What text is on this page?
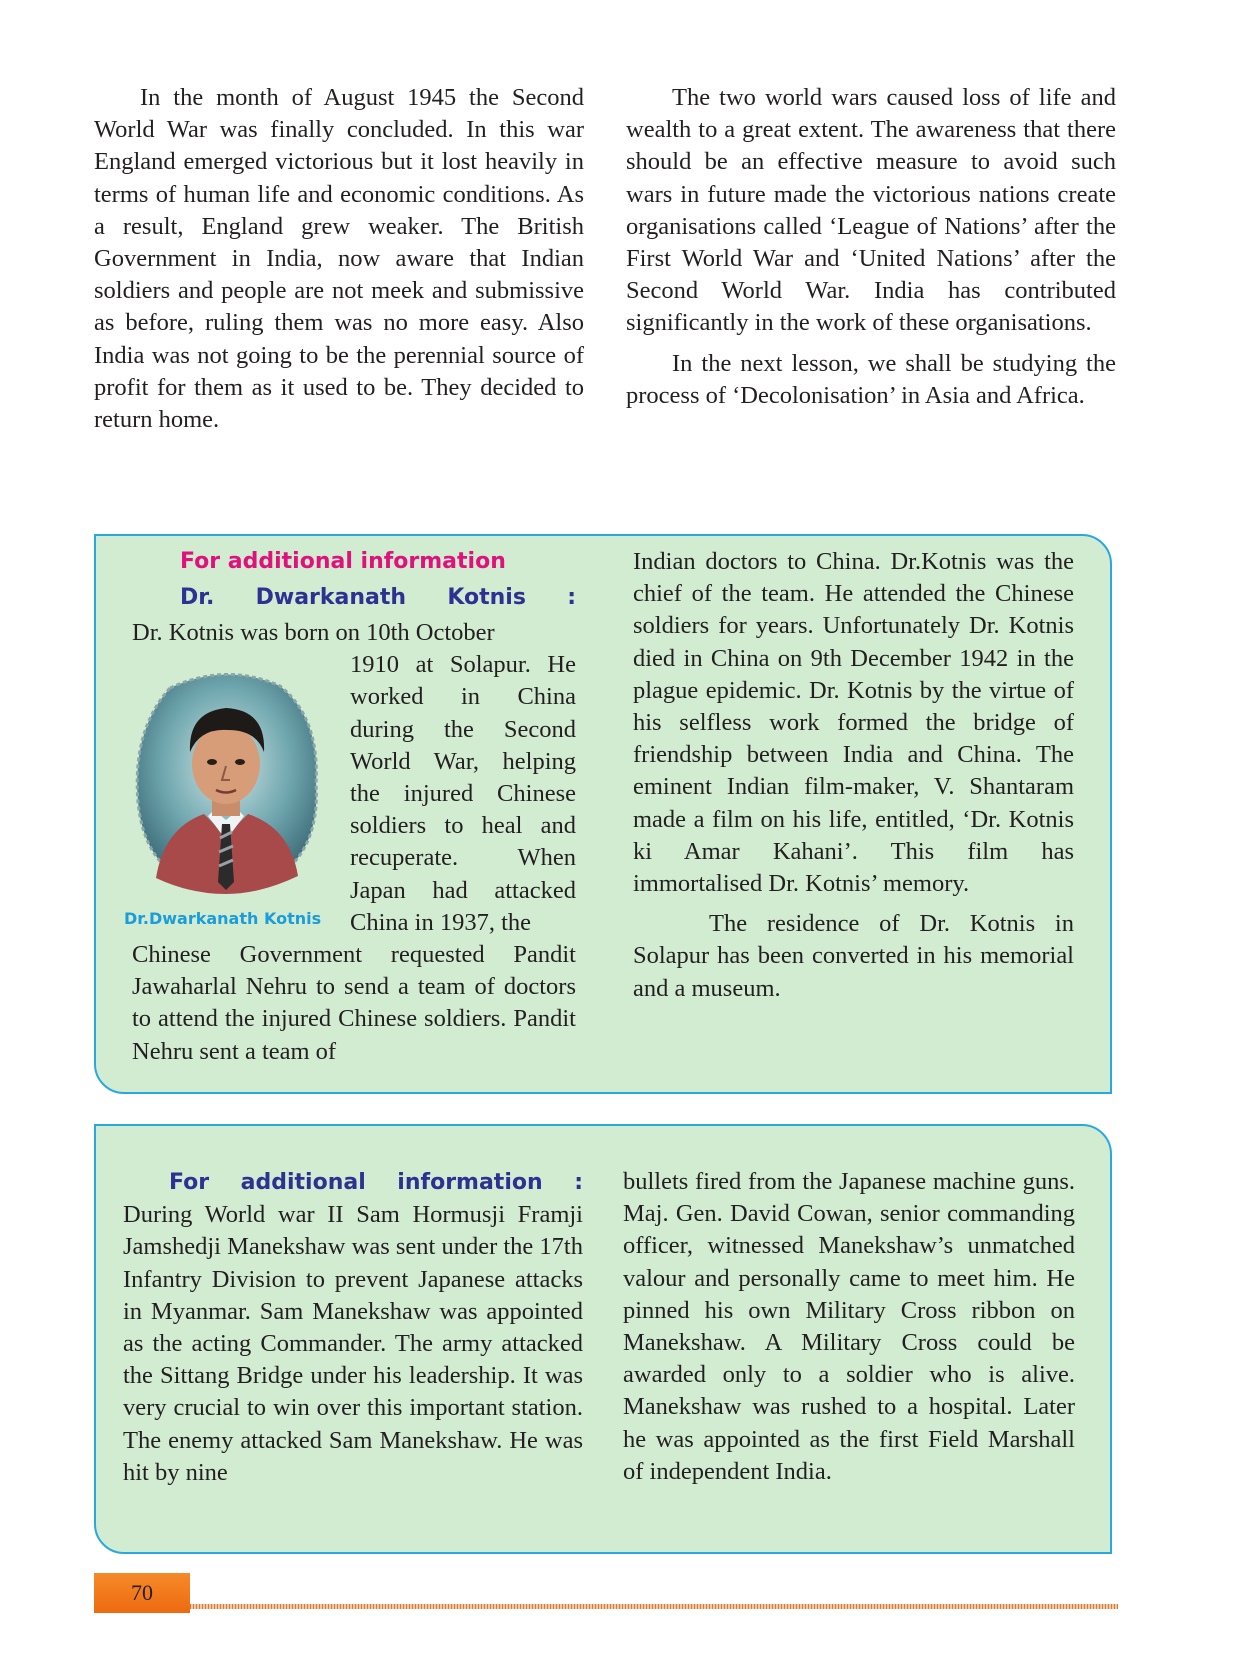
In the month of August 1945 the Second World War was finally concluded. In this war England emerged victorious but it lost heavily in terms of human life and economic conditions. As a result, England grew weaker. The British Government in India, now aware that Indian soldiers and people are not meek and submissive as before, ruling them was no more easy. Also India was not going to be the perennial source of profit for them as it used to be. They decided to return home.

The two world wars caused loss of life and wealth to a great extent. The awareness that there should be an effective measure to avoid such wars in future made the victorious nations create organisations called ‘League of Nations’ after the First World War and ‘United Nations’ after the Second World War. India has contributed significantly in the work of these organisations.

In the next lesson, we shall be studying the process of ‘Decolonisation’ in Asia and Africa.

For additional information
Dr. Dwarkanath Kotnis :

Dr. Kotnis was born on 10th October

1910 at Solapur. He worked in China during the Second World War, helping the injured Chinese soldiers to heal and recuperate. When Japan had attacked China in 1937, the

Chinese Government requested Pandit Jawaharlal Nehru to send a team of doctors to attend the injured Chinese soldiers. Pandit Nehru sent a team of

Dr.Dwarkanath Kotnis

Indian doctors to China. Dr.Kotnis was the chief of the team. He attended the Chinese soldiers for years. Unfortunately Dr. Kotnis died in China on 9th December 1942 in the plague epidemic. Dr. Kotnis by the virtue of his selfless work formed the bridge of friendship between India and China. The eminent Indian film-maker, V. Shantaram made a film on his life, entitled, ‘Dr. Kotnis ki Amar Kahani’. This film has immortalised Dr. Kotnis’ memory.

The residence of Dr. Kotnis in Solapur has been converted in his memorial and a museum.

For additional information : During World war II Sam Hormusji Framji Jamshedji Manekshaw was sent under the 17th Infantry Division to prevent Japanese attacks in Myanmar. Sam Manekshaw was appointed as the acting Commander. The army attacked the Sittang Bridge under his leadership. It was very crucial to win over this important station. The enemy attacked Sam Manekshaw. He was hit by nine

bullets fired from the Japanese machine guns. Maj. Gen. David Cowan, senior commanding officer, witnessed Manekshaw’s unmatched valour and personally came to meet him. He pinned his own Military Cross ribbon on Manekshaw. A Military Cross could be awarded only to a soldier who is alive. Manekshaw was rushed to a hospital. Later he was appointed as the first Field Marshall of independent India.

70
